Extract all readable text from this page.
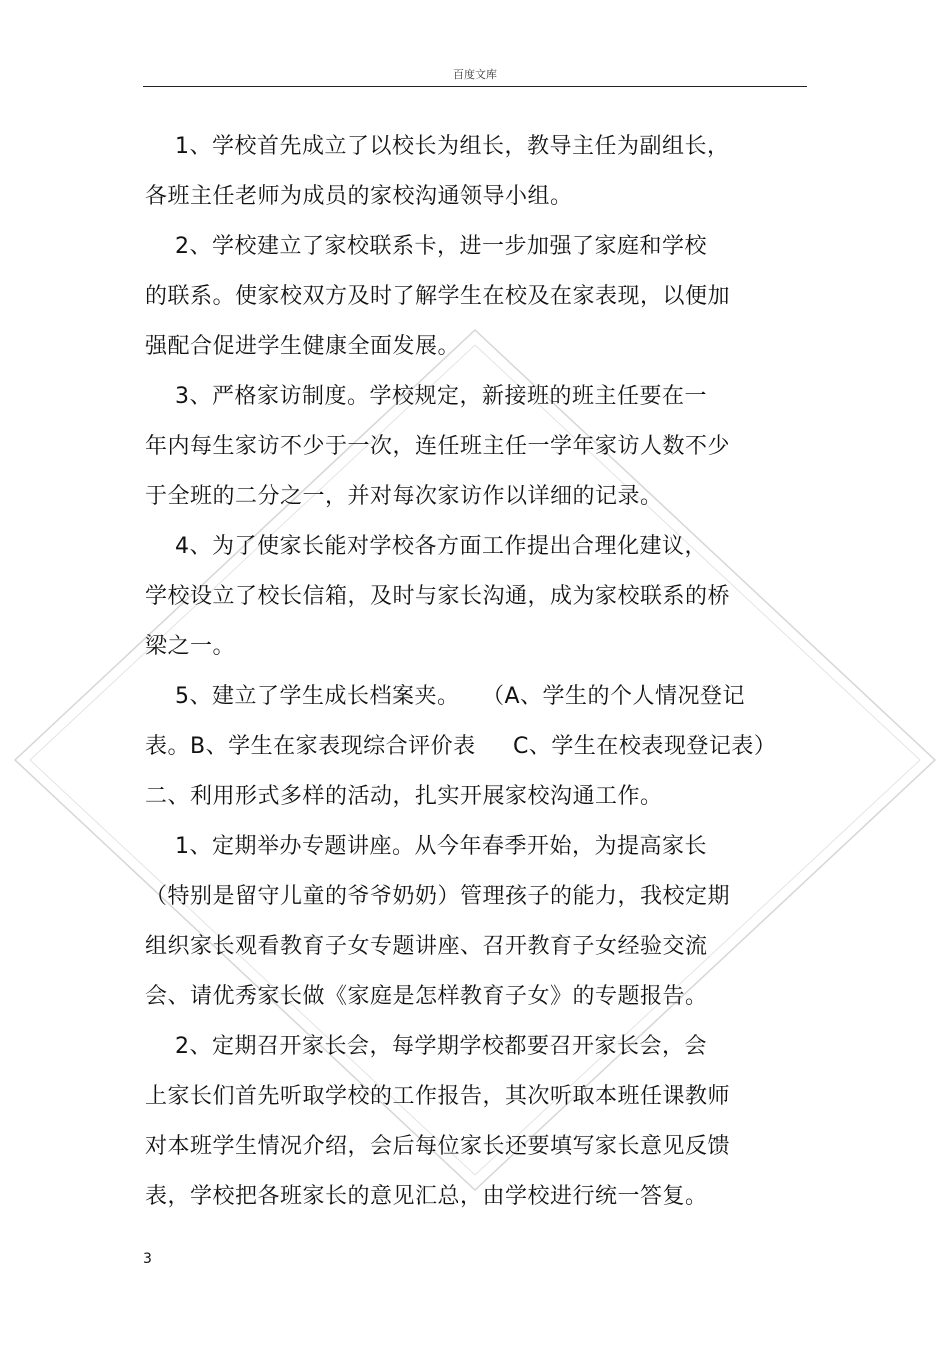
百度文库
1、学校首先成立了以校长为组长，教导主任为副组长，
各班主任老师为成员的家校沟通领导小组。
2、学校建立了家校联系卡，进一步加强了家庭和学校
的联系。使家校双方及时了解学生在校及在家表现，以便加
强配合促进学生健康全面发展。
3、严格家访制度。学校规定，新接班的班主任要在一
年内每生家访不少于一次，连任班主任一学年家访人数不少
于全班的二分之一，并对每次家访作以详细的记录。
4、为了使家长能对学校各方面工作提出合理化建议，
学校设立了校长信箱，及时与家长沟通，成为家校联系的桥
梁之一。
5、建立了学生成长档案夹。   （A、学生的个人情况登记
表。B、学生在家表现综合评价表     C、学生在校表现登记表）
二、利用形式多样的活动，扎实开展家校沟通工作。
1、定期举办专题讲座。从今年春季开始，为提高家长
（特别是留守儿童的爷爷奶奶）管理孩子的能力，我校定期
组织家长观看教育子女专题讲座、召开教育子女经验交流
会、请优秀家长做《家庭是怎样教育子女》的专题报告。
2、定期召开家长会，每学期学校都要召开家长会，会
上家长们首先听取学校的工作报告，其次听取本班任课教师
对本班学生情况介绍，会后每位家长还要填写家长意见反馈
表，学校把各班家长的意见汇总，由学校进行统一答复。
3
